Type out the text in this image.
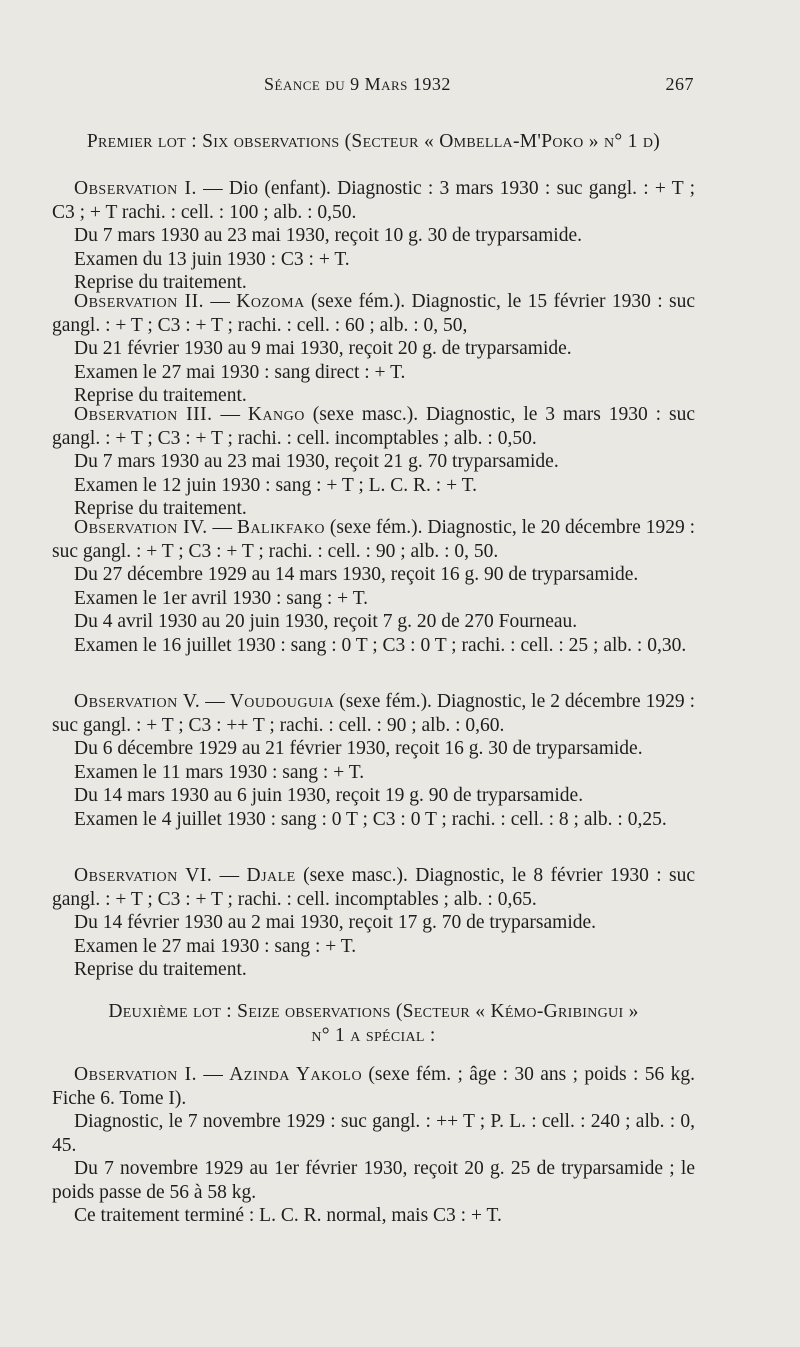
Séance du 9 Mars 1932	267
Premier lot : Six observations (Secteur « Ombella-M'Poko » n° 1 d)
Observation I. — Dio (enfant). Diagnostic : 3 mars 1930 : suc gangl. : + T ; C3 ; + T rachi. : cell. : 100 ; alb. : 0,50.
Du 7 mars 1930 au 23 mai 1930, reçoit 10 g. 30 de tryparsamide.
Examen du 13 juin 1930 : C3 : + T.
Reprise du traitement.
Observation II. — Kozoma (sexe fém.). Diagnostic, le 15 février 1930 : suc gangl. : + T ; C3 : + T ; rachi. : cell. : 60 ; alb. : 0, 50,
Du 21 février 1930 au 9 mai 1930, reçoit 20 g. de tryparsamide.
Examen le 27 mai 1930 : sang direct : + T.
Reprise du traitement.
Observation III. — Kango (sexe masc.). Diagnostic, le 3 mars 1930 : suc gangl. : + T ; C3 : + T ; rachi. : cell. incomptables ; alb. : 0,50.
Du 7 mars 1930 au 23 mai 1930, reçoit 21 g. 70 tryparsamide.
Examen le 12 juin 1930 : sang : + T ; L. C. R. : + T.
Reprise du traitement.
Observation IV. — Balikfako (sexe fém.). Diagnostic, le 20 décembre 1929 : suc gangl. : + T ; C3 : + T ; rachi. : cell. : 90 ; alb. : 0, 50.
Du 27 décembre 1929 au 14 mars 1930, reçoit 16 g. 90 de tryparsamide.
Examen le 1er avril 1930 : sang : + T.
Du 4 avril 1930 au 20 juin 1930, reçoit 7 g. 20 de 270 Fourneau.
Examen le 16 juillet 1930 : sang : 0 T ; C3 : 0 T ; rachi. : cell. : 25 ; alb. : 0,30.
Observation V. — Voudouguia (sexe fém.). Diagnostic, le 2 décembre 1929 : suc gangl. : + T ; C3 : ++ T ; rachi. : cell. : 90 ; alb. : 0,60.
Du 6 décembre 1929 au 21 février 1930, reçoit 16 g. 30 de tryparsamide.
Examen le 11 mars 1930 : sang : + T.
Du 14 mars 1930 au 6 juin 1930, reçoit 19 g. 90 de tryparsamide.
Examen le 4 juillet 1930 : sang : 0 T ; C3 : 0 T ; rachi. : cell. : 8 ; alb. : 0,25.
Observation VI. — Djale (sexe masc.). Diagnostic, le 8 février 1930 : suc gangl. : + T ; C3 : + T ; rachi. : cell. incomptables ; alb. : 0,65.
Du 14 février 1930 au 2 mai 1930, reçoit 17 g. 70 de tryparsamide.
Examen le 27 mai 1930 : sang : + T.
Reprise du traitement.
Deuxième lot : Seize observations (Secteur « Kémo-Gribingui »
n° 1 a spécial :
Observation I. — Azinda Yakolo (sexe fém. ; âge : 30 ans ; poids : 56 kg. Fiche 6. Tome I).
Diagnostic, le 7 novembre 1929 : suc gangl. : ++ T ; P. L. : cell. : 240 ; alb. : 0, 45.
Du 7 novembre 1929 au 1er février 1930, reçoit 20 g. 25 de tryparsamide ; le poids passe de 56 à 58 kg.
Ce traitement terminé : L. C. R. normal, mais C3 : + T.
